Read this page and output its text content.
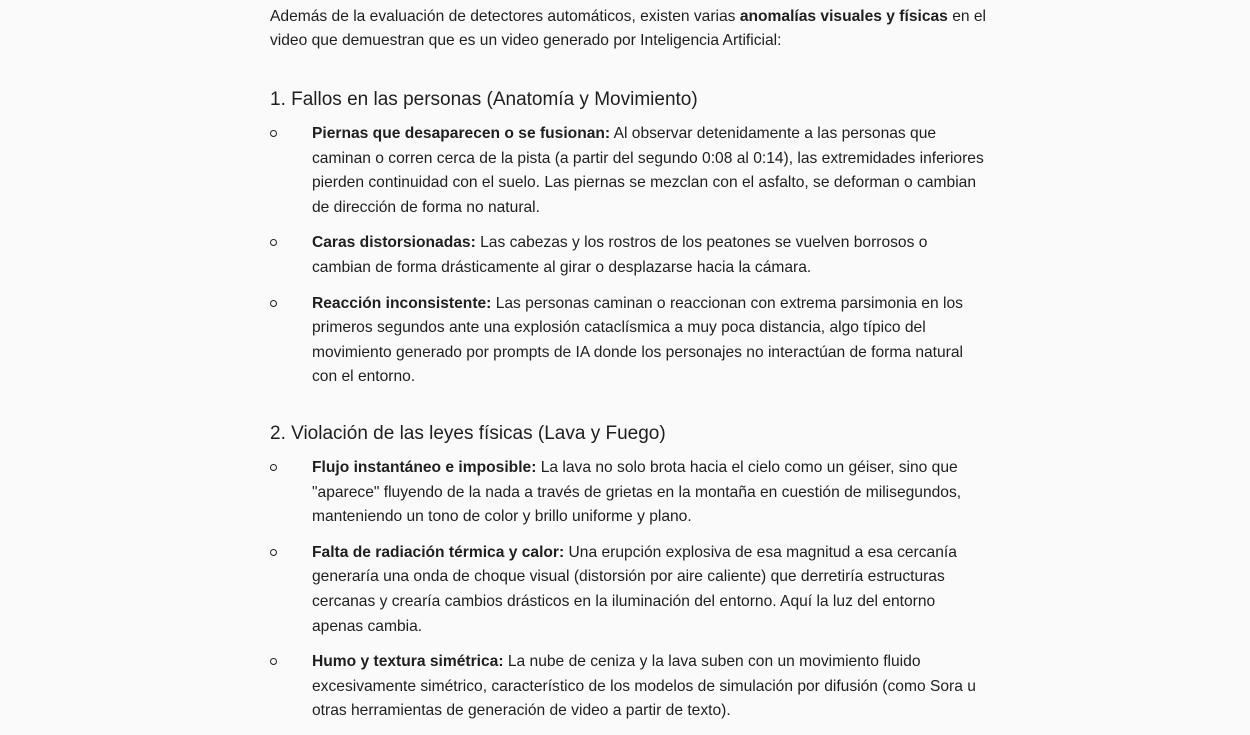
Además de la evaluación de detectores automáticos, existen varias anomalías visuales y físicas en el video que demuestran que es un video generado por Inteligencia Artificial:

1. Fallos en las personas (Anatomía y Movimiento)
Piernas que desaparecen o se fusionan: Al observar detenidamente a las personas que caminan o corren cerca de la pista (a partir del segundo 0:08 al 0:14), las extremidades inferiores pierden continuidad con el suelo. Las piernas se mezclan con el asfalto, se deforman o cambian de dirección de forma no natural.
Caras distorsionadas: Las cabezas y los rostros de los peatones se vuelven borrosos o cambian de forma drásticamente al girar o desplazarse hacia la cámara.
Reacción inconsistente: Las personas caminan o reaccionan con extrema parsimonia en los primeros segundos ante una explosión cataclísmica a muy poca distancia, algo típico del movimiento generado por prompts de IA donde los personajes no interactúan de forma natural con el entorno.
2. Violación de las leyes físicas (Lava y Fuego)
Flujo instantáneo e imposible: La lava no solo brota hacia el cielo como un géiser, sino que "aparece" fluyendo de la nada a través de grietas en la montaña en cuestión de milisegundos, manteniendo un tono de color y brillo uniforme y plano.
Falta de radiación térmica y calor: Una erupción explosiva de esa magnitud a esa cercanía generaría una onda de choque visual (distorsión por aire caliente) que derretiría estructuras cercanas y crearía cambios drásticos en la iluminación del entorno. Aquí la luz del entorno apenas cambia.
Humo y textura simétrica: La nube de ceniza y la lava suben con un movimiento fluido excesivamente simétrico, característico de los modelos de simulación por difusión (como Sora u otras herramientas de generación de video a partir de texto).
